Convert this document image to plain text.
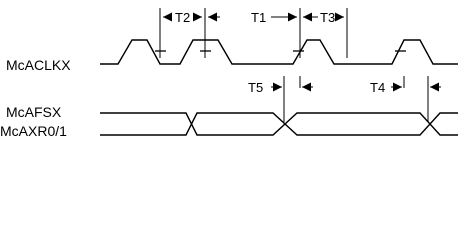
McACLKX
McAFSX
McAXR0/1
T2	T1	T3
T5	T4
